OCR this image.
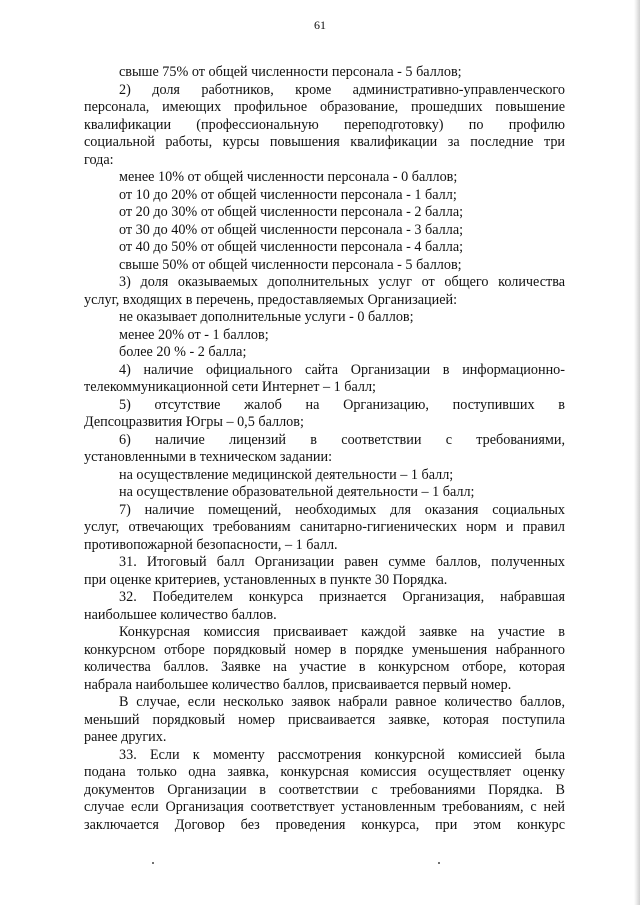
61
свыше 75% от общей численности персонала - 5 баллов;
2) доля работников, кроме административно-управленческого
персонала, имеющих профильное образование, прошедших повышение
квалификации (профессиональную переподготовку) по профилю
социальной работы, курсы повышения квалификации за последние три
года:
менее 10% от общей численности персонала - 0 баллов;
от 10 до 20% от общей численности персонала - 1 балл;
от 20 до 30% от общей численности персонала - 2 балла;
от 30 до 40% от общей численности персонала - 3 балла;
от 40 до 50% от общей численности персонала - 4 балла;
свыше 50% от общей численности персонала - 5 баллов;
3) доля оказываемых дополнительных услуг от общего количества
услуг, входящих в перечень, предоставляемых Организацией:
не оказывает дополнительные услуги - 0 баллов;
менее 20% от - 1 баллов;
более 20 % - 2 балла;
4) наличие официального сайта Организации в информационно-
телекоммуникационной сети Интернет – 1 балл;
5) отсутствие жалоб на Организацию, поступивших в
Депсоцразвития Югры – 0,5 баллов;
6) наличие лицензий в соответствии с требованиями,
установленными в техническом задании:
на осуществление медицинской деятельности – 1 балл;
на осуществление образовательной деятельности – 1 балл;
7) наличие помещений, необходимых для оказания социальных
услуг, отвечающих требованиям санитарно-гигиенических норм и правил
противопожарной безопасности, – 1 балл.
31. Итоговый балл Организации равен сумме баллов, полученных
при оценке критериев, установленных в пункте 30 Порядка.
32. Победителем конкурса признается Организация, набравшая
наибольшее количество баллов.
Конкурсная комиссия присваивает каждой заявке на участие в
конкурсном отборе порядковый номер в порядке уменьшения набранного
количества баллов. Заявке на участие в конкурсном отборе, которая
набрала наибольшее количество баллов, присваивается первый номер.
В случае, если несколько заявок набрали равное количество баллов,
меньший порядковый номер присваивается заявке, которая поступила
ранее других.
33. Если к моменту рассмотрения конкурсной комиссией была
подана только одна заявка, конкурсная комиссия осуществляет оценку
документов Организации в соответствии с требованиями Порядка. В
случае если Организация соответствует установленным требованиям, с ней
заключается Договор без проведения конкурса, при этом конкурс
